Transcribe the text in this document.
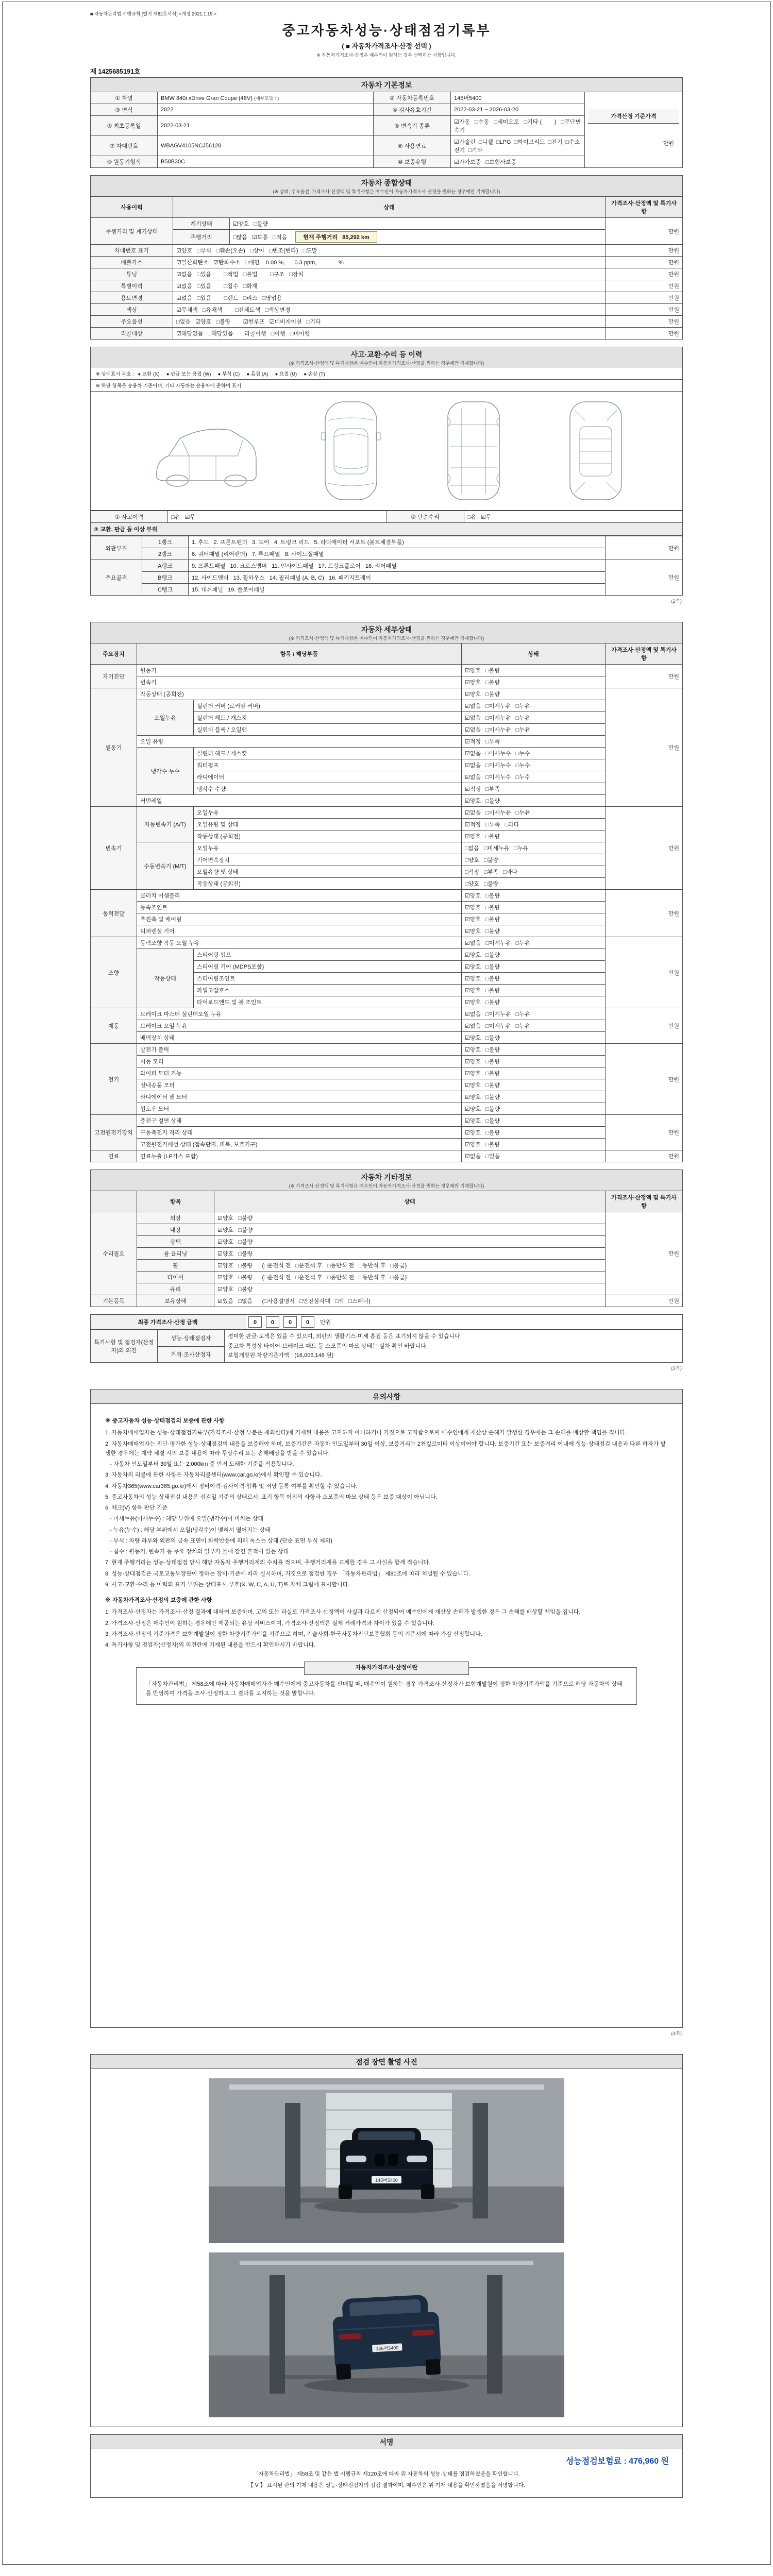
■ 자동차관리법 시행규칙 [별지 제82호서식] <개정 2021.1.19.>
중고자동차성능·상태점검기록부
( ■ 자동차가격조사·산정 선택 )
※ 자동차가격조사·산정은 매수인이 원하는 경우 선택하는 사항입니다.
제 1425685191호
자동차 기본정보
① 차명	BMW 840i xDrive Gran Coupe (48V) (세부모델 : )	② 자동차등록번호	145버5400	가격산정 기준가격
만원

③ 연식	2022	④ 검사유효기간	2022-03-21 ~ 2026-03-20	
⑤ 최초등록일	2022-03-21	⑥ 변속기 종류	☑자동   □수동   □세미오토   □기타 (        )   □무단변속기	
⑦ 차대번호	WBAGV4105NCJ56128	⑧ 사용연료	☑가솔린  □디젤  □LPG  □하이브리드  □전기  □수소전기  □기타	
⑨ 원동기형식	B58B30C	⑩ 보증유형	☑자가보증   □보험사보증	
자동차 종합상태
(※ 상태, 주요옵션, 가격조사·산정액 및 특기사항은 매수인이 자동차가격조사·산정을 원하는 경우에만 기재합니다)
사용이력	상태		가격조사·산정액 및 특기사항
주행거리 및 계기상태	계기상태	☑양호   □불량	만원
	주행거리	□많음   ☑보통   □적음 현재 주행거리   85,292 km	
차대번호 표기	☑양호   □부식   □훼손(오손)   □상이   □변조(변타)   □도말		만원
배출가스	☑일산화탄소   ☑탄화수소   □매연 0.00 %,      0.3 ppm,              %		만원
튜닝	☑없음   □있음        □적법   □불법        □구조   □장치		만원
특별이력	☑없음   □있음        □침수   □화재		만원
용도변경	☑없음   □있음        □렌트   □리스   □영업용		만원
색상	☑무채색   □유채색        □전체도색   □색상변경		만원
주요옵션	□없음   ☑양호   □불량        ☑썬루프   ☑네비게이션   □기타		만원
리콜대상	☑해당없음   □해당있음       리콜이행   □이행   □미이행		만원
사고·교환·수리 등 이력
(※ 가격조사·산정액 및 특기사항은 매수인이 자동차가격조사·산정을 원하는 경우에만 기재합니다)
※ 상태표시 부호 :   ● 교환 (X)     ● 판금 또는 용접 (W)     ● 부식 (C)     ● 흠집 (A)     ● 요철 (U)     ● 손상 (T)
※ 하단 항목은 승용차 기준이며, 기타 자동차는 승용차에 준하여 표시
① 사고이력	□유   ☑무	② 단순수리	□유   ☑무
③ 교환, 판금 등 이상 부위
외판부위	1랭크	1. 후드   2. 프론트펜더   3. 도어   4. 트렁크 리드   5. 라디에이터 서포트 (볼트체결부품)	만원
	2랭크	6. 쿼터패널 (리어펜더)   7. 루프패널   8. 사이드실패널	
주요골격	A랭크	9. 프론트패널   10. 크로스멤버   11. 인사이드패널   17. 트렁크플로어   18. 리어패널	만원
	B랭크	12. 사이드멤버   13. 휠하우스   14. 필러패널 (A, B, C)   16. 패키지트레이	
	C랭크	15. 대쉬패널   19. 플로어패널	
(2쪽)
자동차 세부상태
(※ 가격조사·산정액 및 특기사항은 매수인이 자동차가격조사·산정을 원하는 경우에만 기재합니다)
주요장치	항목 / 해당부품		상태	가격조사·산정액 및 특기사항
자기진단	원동기		☑양호   □불량	만원
	변속기		☑양호   □불량	
원동기	작동상태 (공회전)		☑양호   □불량	만원
	오일누유	실린더 커버 (로커암 커버)	☑없음   □미세누유   □누유	
		실린더 헤드 / 개스킷	☑없음   □미세누유   □누유	
		실린더 블록 / 오일팬	☑없음   □미세누유   □누유	
	오일 유량		☑적정   □부족	
	냉각수 누수	실린더 헤드 / 개스킷	☑없음   □미세누수   □누수	
		워터펌프	☑없음   □미세누수   □누수	
		라디에이터	☑없음   □미세누수   □누수	
		냉각수 수량	☑적정   □부족	
	커먼레일		☑양호   □불량	
변속기	자동변속기 (A/T)	오일누유	☑없음   □미세누유   □누유	만원
		오일유량 및 상태	☑적정   □부족   □과다	
		작동상태 (공회전)	☑양호   □불량	
	수동변속기 (M/T)	오일누유	□없음   □미세누유   □누유	
		기어변속장치	□양호   □불량	
		오일유량 및 상태	□적정   □부족   □과다	
		작동상태 (공회전)	□양호   □불량	
동력전달	클러치 어셈블리		☑양호   □불량	만원
	등속조인트		☑양호   □불량	
	추진축 및 베어링		☑양호   □불량	
	디퍼렌셜 기어		☑양호   □불량	
조향	동력조향 작동 오일 누유		☑없음   □미세누유   □누유	만원
	작동상태	스티어링 펌프	☑양호   □불량	
		스티어링 기어 (MDPS포함)	☑양호   □불량	
		스티어링조인트	☑양호   □불량	
		파워고압호스	☑양호   □불량	
		타이로드엔드 및 볼 조인트	☑양호   □불량	
제동	브레이크 마스터 실린더오일 누유		☑없음   □미세누유   □누유	만원
	브레이크 오일 누유		☑없음   □미세누유   □누유	
	배력장치 상태		☑양호   □불량	
전기	발전기 출력		☑양호   □불량	만원
	시동 모터		☑양호   □불량	
	와이퍼 모터 기능		☑양호   □불량	
	실내송풍 모터		☑양호   □불량	
	라디에이터 팬 모터		☑양호   □불량	
	윈도우 모터		☑양호   □불량	
고전원전기장치	충전구 절연 상태		☑양호   □불량	만원
	구동축전지 격리 상태		☑양호   □불량	
	고전원전기배선 상태 (접속단자, 피복, 보호기구)		☑양호   □불량	
연료	연료누출 (LP가스 포함)		☑없음   □있음	만원
자동차 기타정보
(※ 가격조사·산정액 및 특기사항은 매수인이 자동차가격조사·산정을 원하는 경우에만 기재합니다)
	항목	상태	가격조사·산정액 및 특기사항
수리필요	외장	☑양호   □불량	만원
	내장	☑양호   □불량	
	광택	☑양호   □불량	
	룸 클리닝	☑양호   □불량	
	휠	☑양호   □불량      (□운전석 전   □운전석 후   □동반석 전   □동반석 후   □응급)	
	타이어	☑양호   □불량      (□운전석 전   □운전석 후   □동반석 전   □동반석 후   □응급)	
	유리	☑양호   □불량	
기본품목	보유상태	☑있음   □없음      (□사용설명서   □안전삼각대   □잭   □스패너)	만원
최종 가격조사·산정 금액	0	0	0	0 만원
특기사항 및 점검자(산정자)의 의견	성능·상태점검자	경미한 판금·도색은 있을 수 있으며, 외판의 생활기스·미세 흠집 등은 표기되지 않을 수 있습니다.
중고차 특성상 타이어·브레이크 패드 등 소모품의 마모 상태는 실차 확인 바랍니다.
보험개발원 차량기준가액 : (16,006,146 원)

가격·조사산정자
(3쪽)
유의사항
※ 중고자동차 성능·상태점검의 보증에 관한 사항
1. 자동차매매업자는 성능·상태점검기록부(가격조사·산정 부분은 제외한다)에 기재된 내용을 고지하지 아니하거나 거짓으로 고지함으로써 매수인에게 재산상 손해가 발생한 경우에는 그 손해를 배상할 책임을 집니다.
2. 자동차매매업자는 진단·평가한 성능·상태점검의 내용을 보증해야 하며, 보증기간은 자동차 인도일부터 30일 이상, 보증거리는 2천킬로미터 이상이어야 합니다. 보증기간 또는 보증거리 이내에 성능·상태점검 내용과 다른 하자가 발생한 경우에는 계약 체결 시의 보증 내용에 따라 무상수리 또는 손해배상을 받을 수 있습니다.
- 자동차 인도일부터 30일 또는 2,000km 중 먼저 도래한 기준을 적용합니다.
3. 자동차의 리콜에 관한 사항은 자동차리콜센터(www.car.go.kr)에서 확인할 수 있습니다.
4. 자동차365(www.car365.go.kr)에서 정비이력·검사이력·압류 및 저당 등록 여부를 확인할 수 있습니다.
5. 중고자동차의 성능·상태점검 내용은 점검일 기준의 상태로서, 표기 항목 이외의 사항과 소모품의 마모 상태 등은 보증 대상이 아닙니다.
6. 체크(V) 항목 판단 기준
- 미세누유(미세누수) : 해당 부위에 오일(냉각수)이 비치는 상태
- 누유(누수) : 해당 부위에서 오일(냉각수)이 맺혀서 떨어지는 상태
- 부식 : 차량 하부와 외판의 금속 표면이 화학반응에 의해 녹스는 상태 (단순 표면 부식 제외)
- 침수 : 원동기, 변속기 등 주요 장치의 일부가 물에 잠긴 흔적이 있는 상태
7. 현재 주행거리는 성능·상태점검 당시 해당 자동차 주행거리계의 수치를 적으며, 주행거리계를 교체한 경우 그 사실을 함께 적습니다.
8. 성능·상태점검은 국토교통부장관이 정하는 장비·기준에 따라 실시하며, 거짓으로 점검한 경우 「자동차관리법」 제80조에 따라 처벌될 수 있습니다.
9. 사고·교환·수리 등 이력의 표기 부위는 상태표시 부호(X, W, C, A, U, T)로 차체 그림에 표시합니다.
※ 자동차가격조사·산정의 보증에 관한 사항
1. 가격조사·산정자는 가격조사·산정 결과에 대하여 보증하며, 고의 또는 과실로 가격조사·산정액이 사실과 다르게 산정되어 매수인에게 재산상 손해가 발생한 경우 그 손해를 배상할 책임을 집니다.
2. 가격조사·산정은 매수인이 원하는 경우에만 제공되는 유상 서비스이며, 가격조사·산정액은 실제 거래가격과 차이가 있을 수 있습니다.
3. 가격조사·산정의 기준가격은 보험개발원이 정한 차량기준가액을 기준으로 하며, 기술사회·한국자동차진단보증협회 등의 기준서에 따라 가감 산정합니다.
4. 특기사항 및 점검자(산정자)의 의견란에 기재된 내용을 반드시 확인하시기 바랍니다.
자동차가격조사·산정이란
「자동차관리법」 제58조에 따라 자동차매매업자가 매수인에게 중고자동차를 판매할 때, 매수인이 원하는 경우 가격조사·산정자가 보험개발원이 정한 차량기준가액을 기준으로 해당 자동차의 상태를 반영하여 가격을 조사·산정하고 그 결과를 고지하는 것을 말합니다.
(4쪽)
점검 장면 촬영 사진
145버5400
145버5400
서명
성능점검보험료 : 476,960 원
「자동차관리법」 제58조 및 같은 법 시행규칙 제120조에 따라 위 자동차의 성능·상태를 점검하였음을 확인합니다.
【 V 】 표시된 란의 기재 내용은 성능·상태점검자의 점검 결과이며, 매수인은 위 기재 내용을 확인하였음을 서명합니다.
